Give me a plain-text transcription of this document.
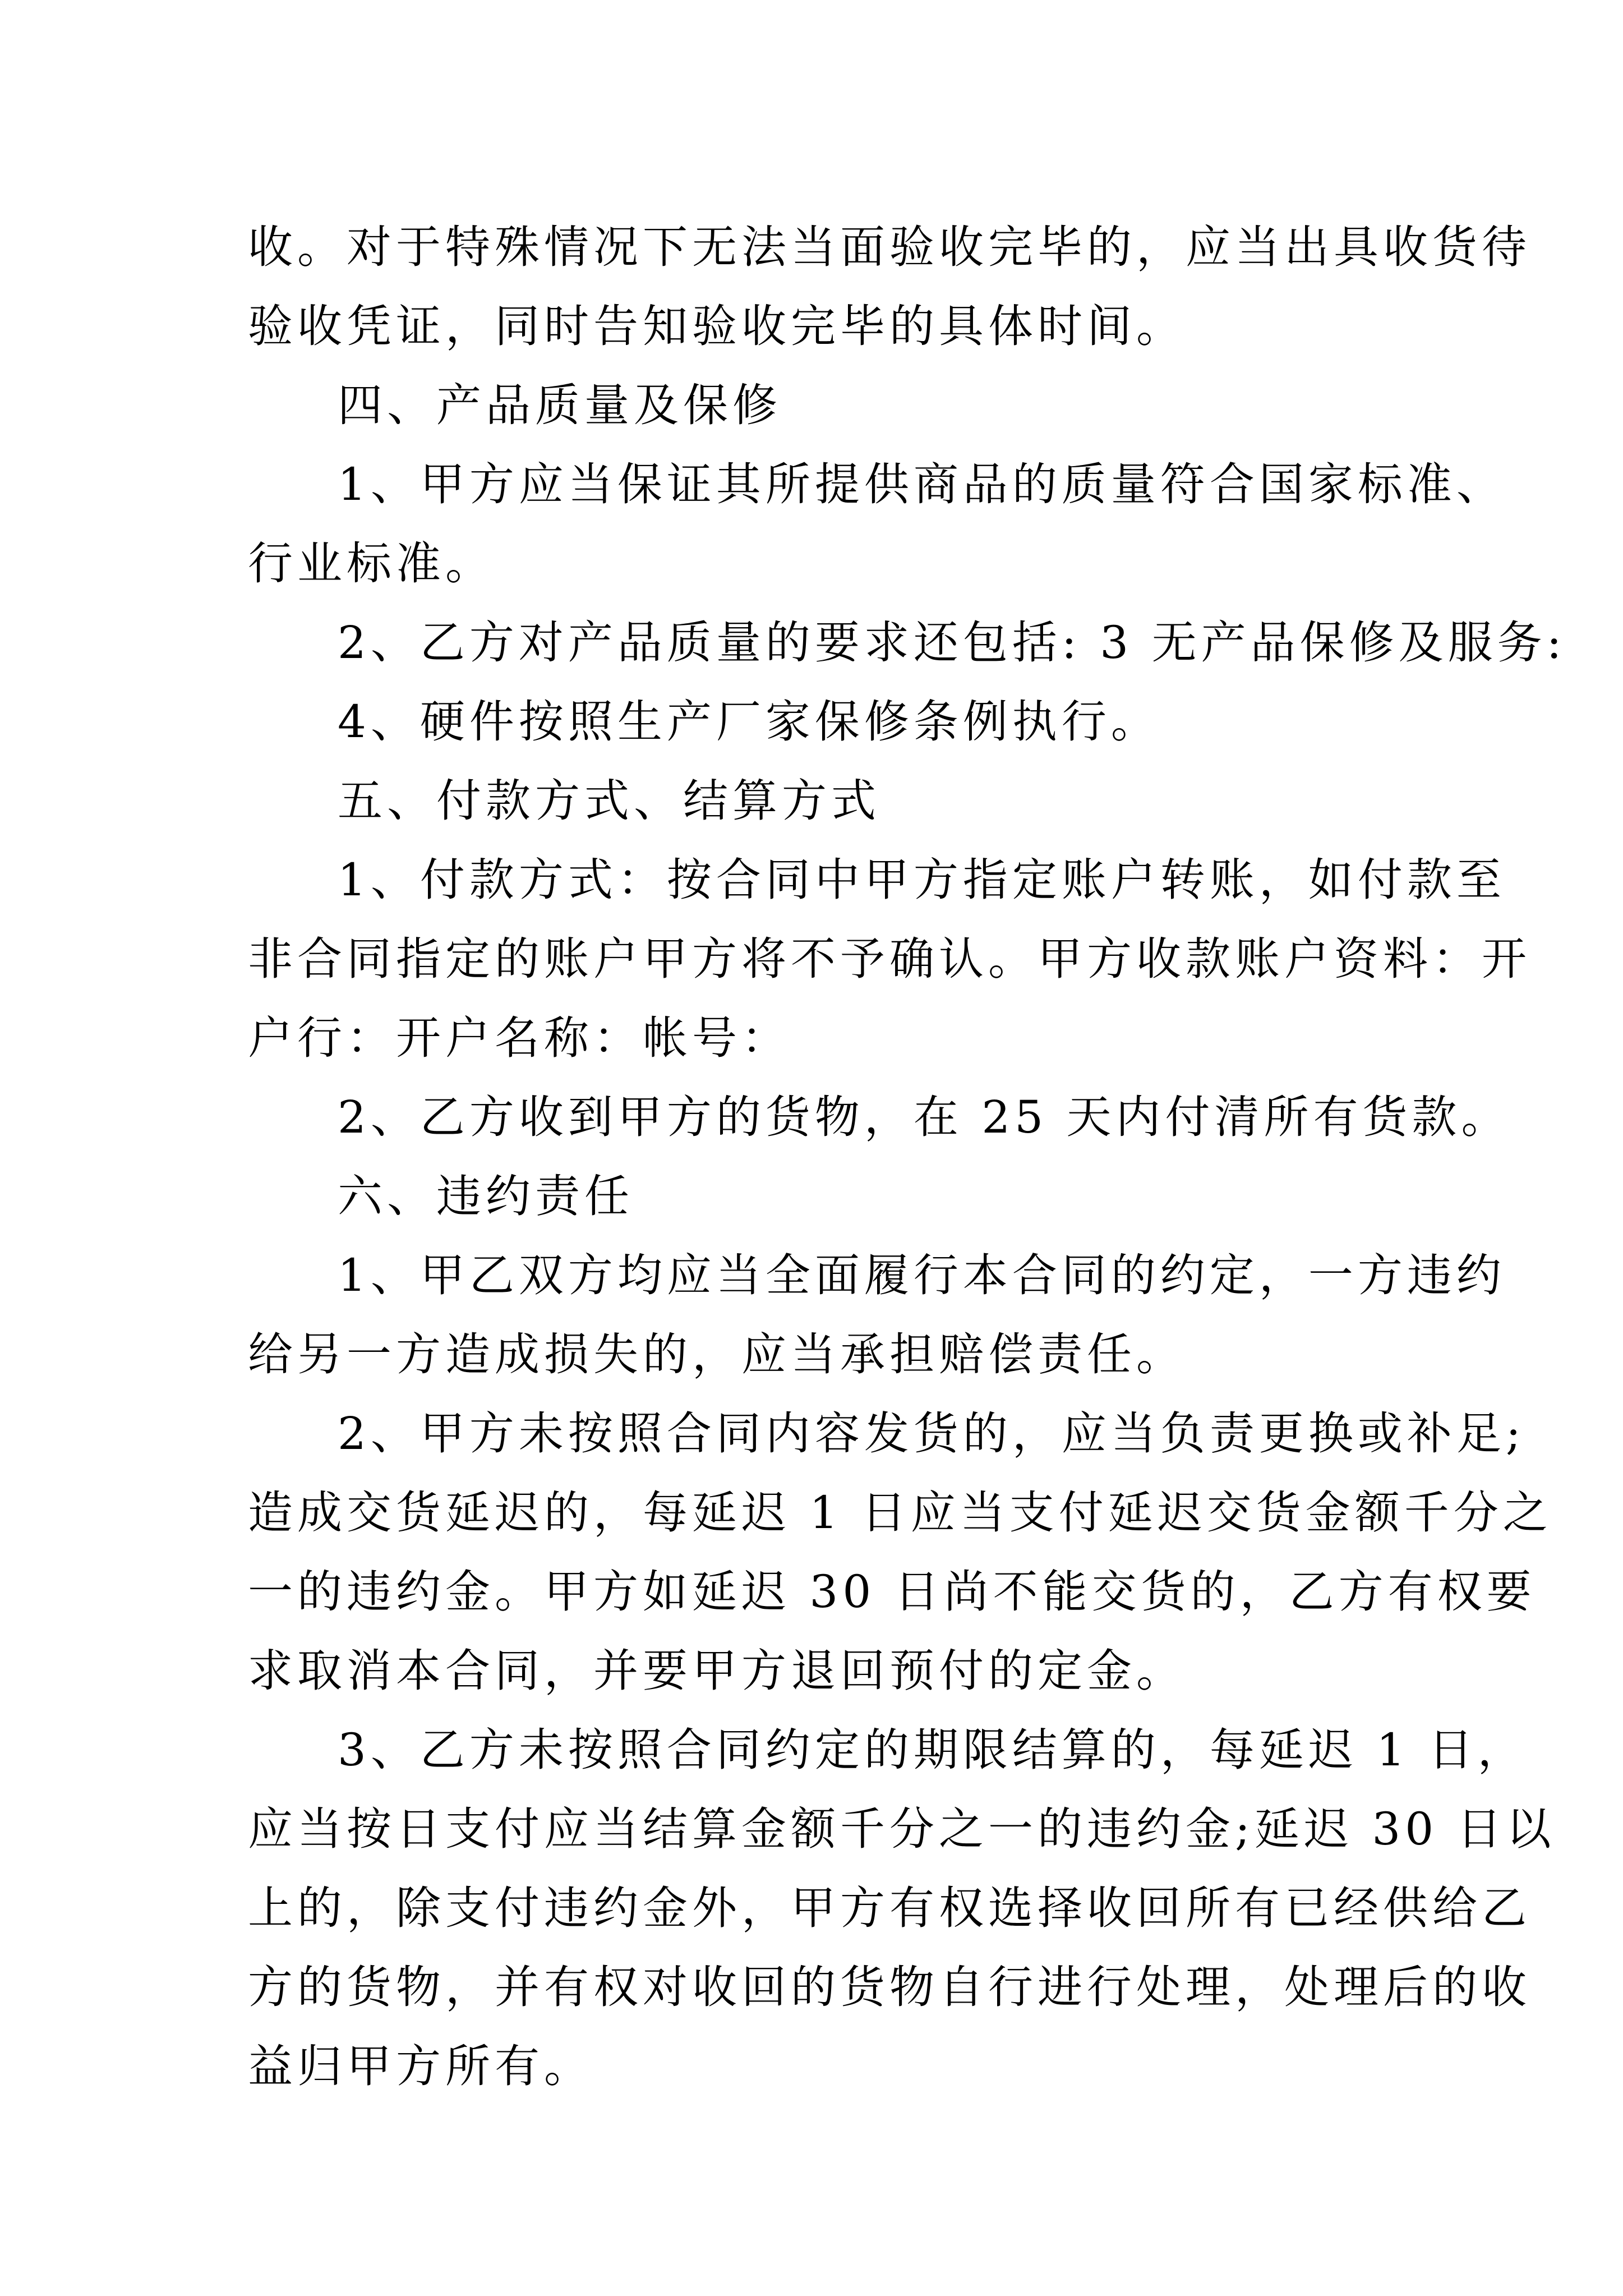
收。对于特殊情况下无法当面验收完毕的，应当出具收货待
验收凭证，同时告知验收完毕的具体时间。
四、产品质量及保修
1、甲方应当保证其所提供商品的质量符合国家标准、
行业标准。
2、乙方对产品质量的要求还包括: 3 无产品保修及服务:
4、硬件按照生产厂家保修条例执行。
五、付款方式、结算方式
1、付款方式：按合同中甲方指定账户转账，如付款至
非合同指定的账户甲方将不予确认。甲方收款账户资料：开
户行：开户名称：帐号：
2、乙方收到甲方的货物，在 25 天内付清所有货款。
六、违约责任
1、甲乙双方均应当全面履行本合同的约定，一方违约
给另一方造成损失的，应当承担赔偿责任。
2、甲方未按照合同内容发货的，应当负责更换或补足;
造成交货延迟的，每延迟 1 日应当支付延迟交货金额千分之
一的违约金。甲方如延迟 30 日尚不能交货的，乙方有权要
求取消本合同，并要甲方退回预付的定金。
3、乙方未按照合同约定的期限结算的，每延迟 1 日，
应当按日支付应当结算金额千分之一的违约金;延迟 30 日以
上的，除支付违约金外，甲方有权选择收回所有已经供给乙
方的货物，并有权对收回的货物自行进行处理，处理后的收
益归甲方所有。
